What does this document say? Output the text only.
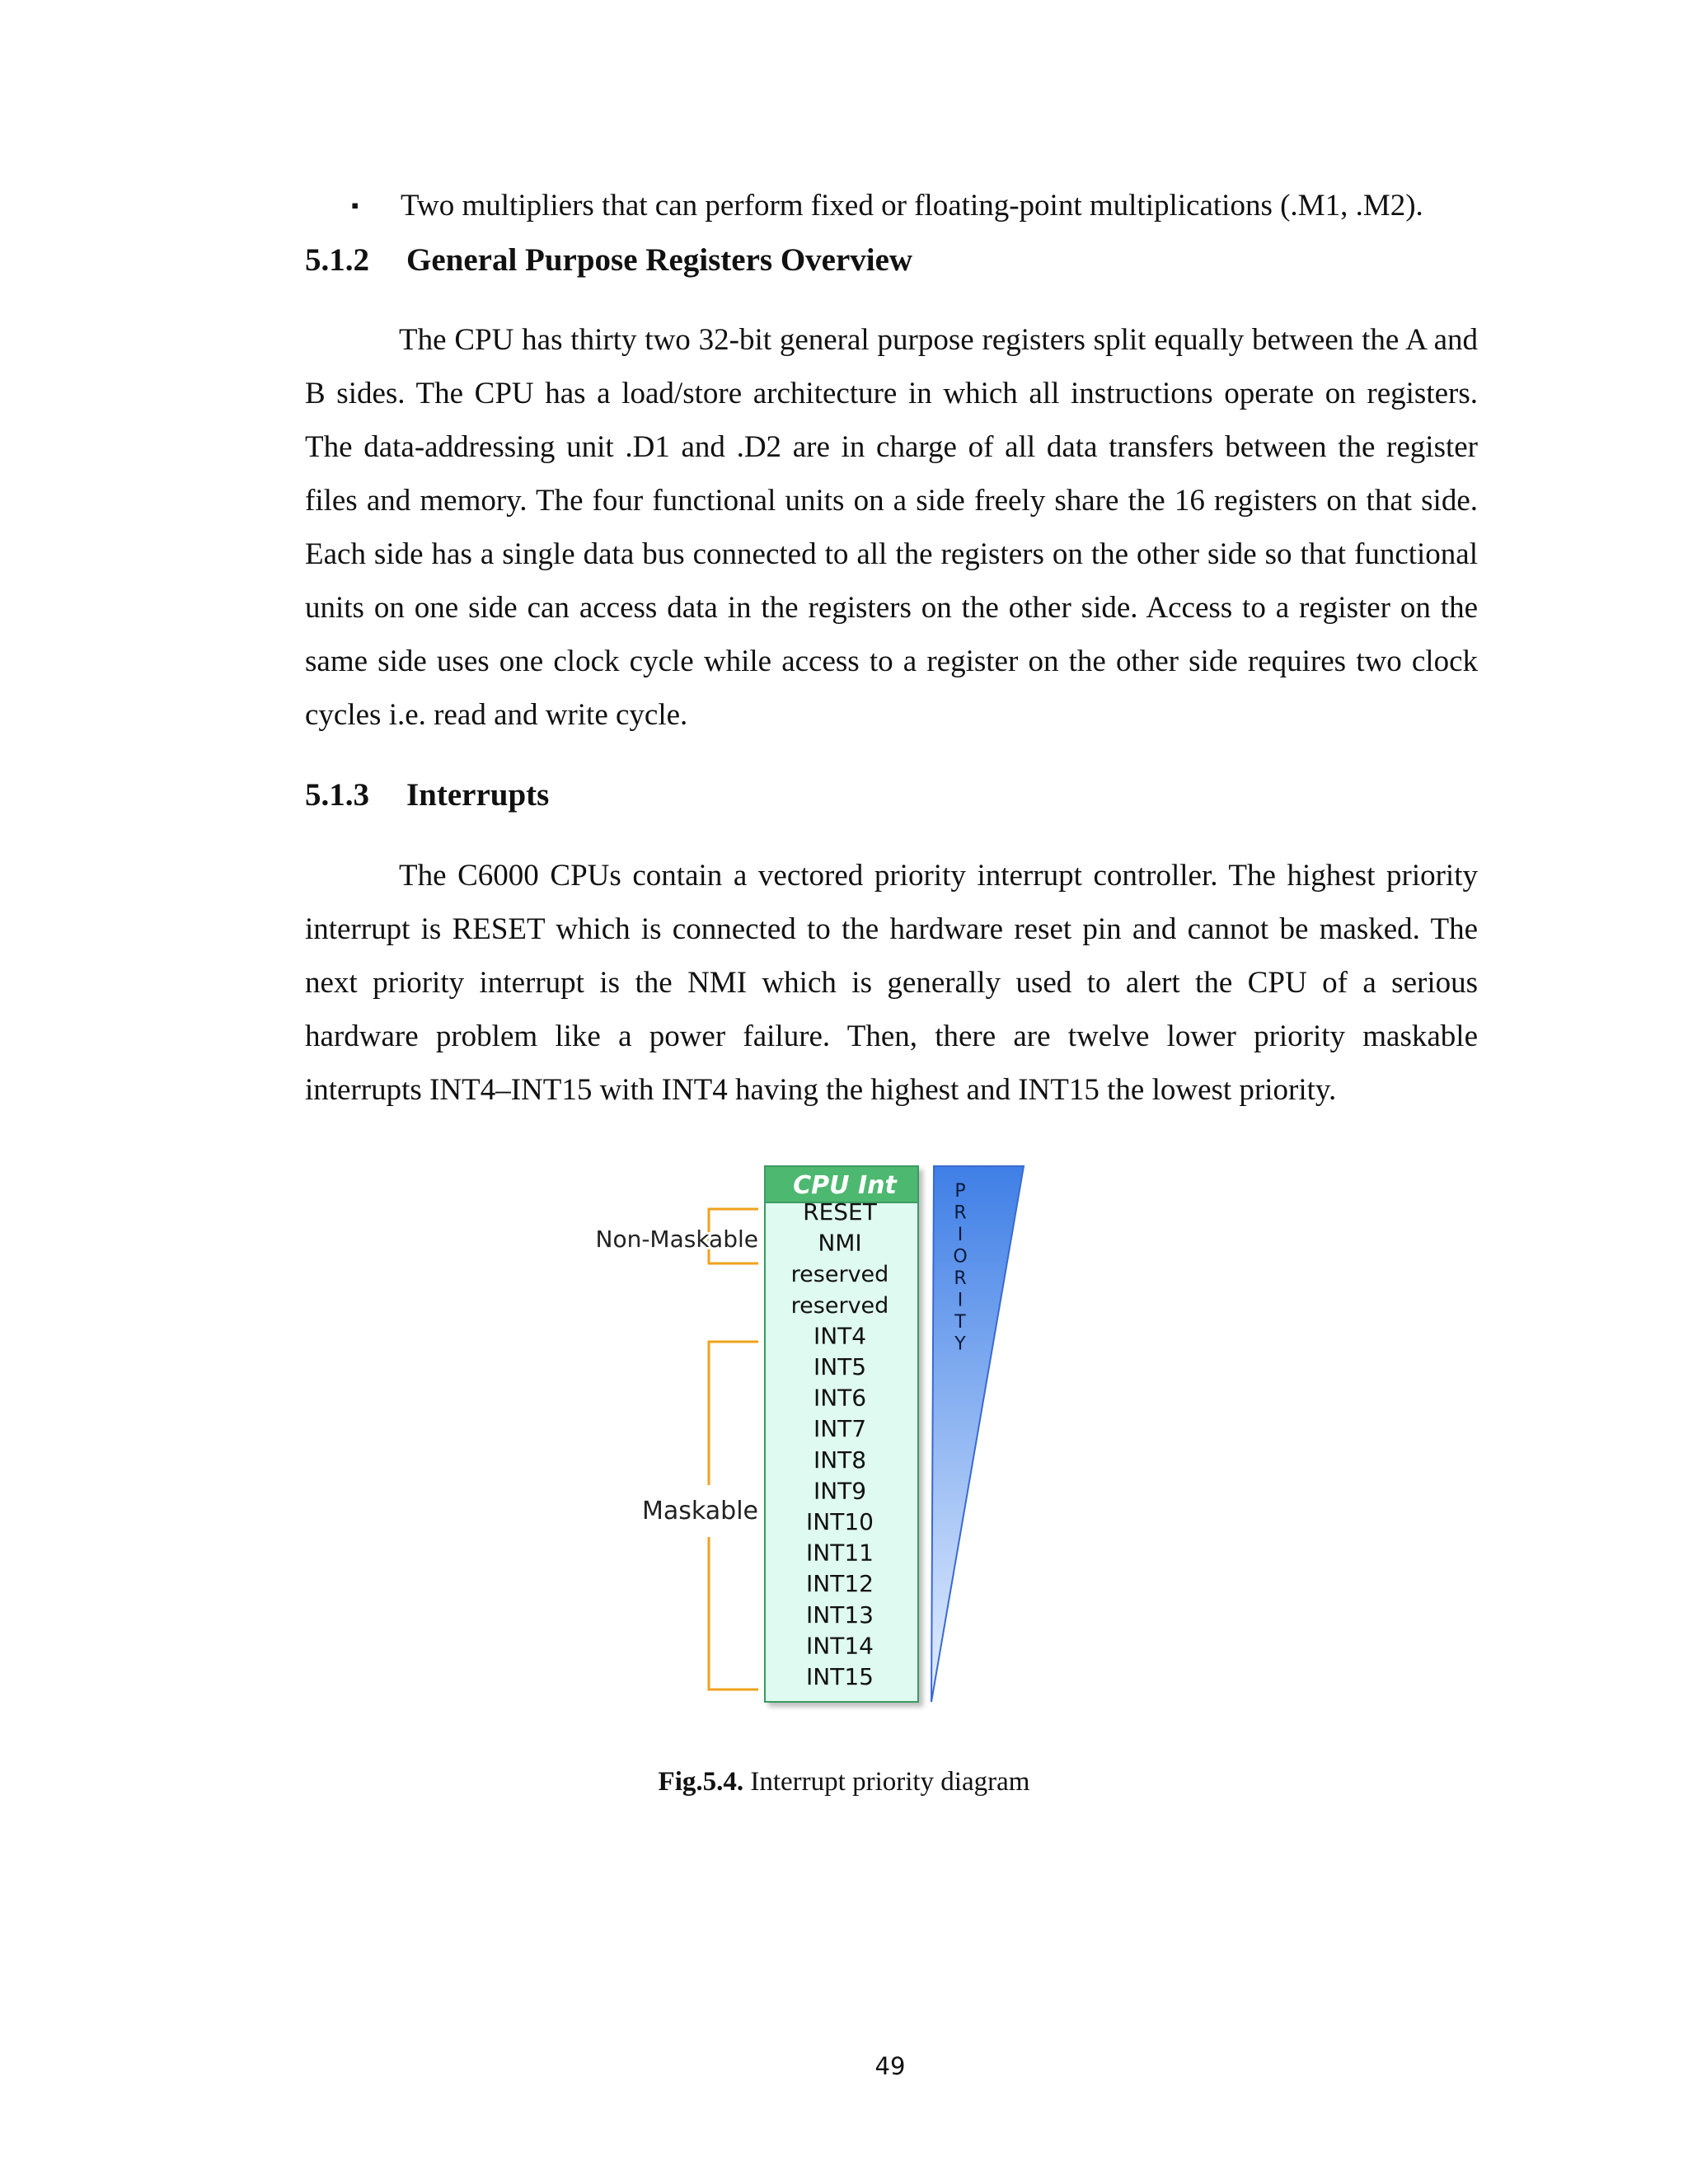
▪ Two multipliers that can perform fixed or floating-point multiplications (.M1, .M2).
5.1.2 General Purpose Registers Overview
The CPU has thirty two 32-bit general purpose registers split equally between the A and B sides. The CPU has a load/store architecture in which all instructions operate on registers. The data-addressing unit .D1 and .D2 are in charge of all data transfers between the register files and memory. The four functional units on a side freely share the 16 registers on that side. Each side has a single data bus connected to all the registers on the other side so that functional units on one side can access data in the registers on the other side. Access to a register on the same side uses one clock cycle while access to a register on the other side requires two clock cycles i.e. read and write cycle.
5.1.3 Interrupts
The C6000 CPUs contain a vectored priority interrupt controller. The highest priority interrupt is RESET which is connected to the hardware reset pin and cannot be masked. The next priority interrupt is the NMI which is generally used to alert the CPU of a serious hardware problem like a power failure. Then, there are twelve lower priority maskable interrupts INT4–INT15 with INT4 having the highest and INT15 the lowest priority.
P
R
I
O
R
I
T
Y
CPU Int
RESET
NMI
reserved
reserved
INT4
INT5
INT6
INT7
INT8
INT9
INT10
INT11
INT12
INT13
INT14
INT15
Non-Maskable
Maskable
Fig.5.4. Interrupt priority diagram
49
